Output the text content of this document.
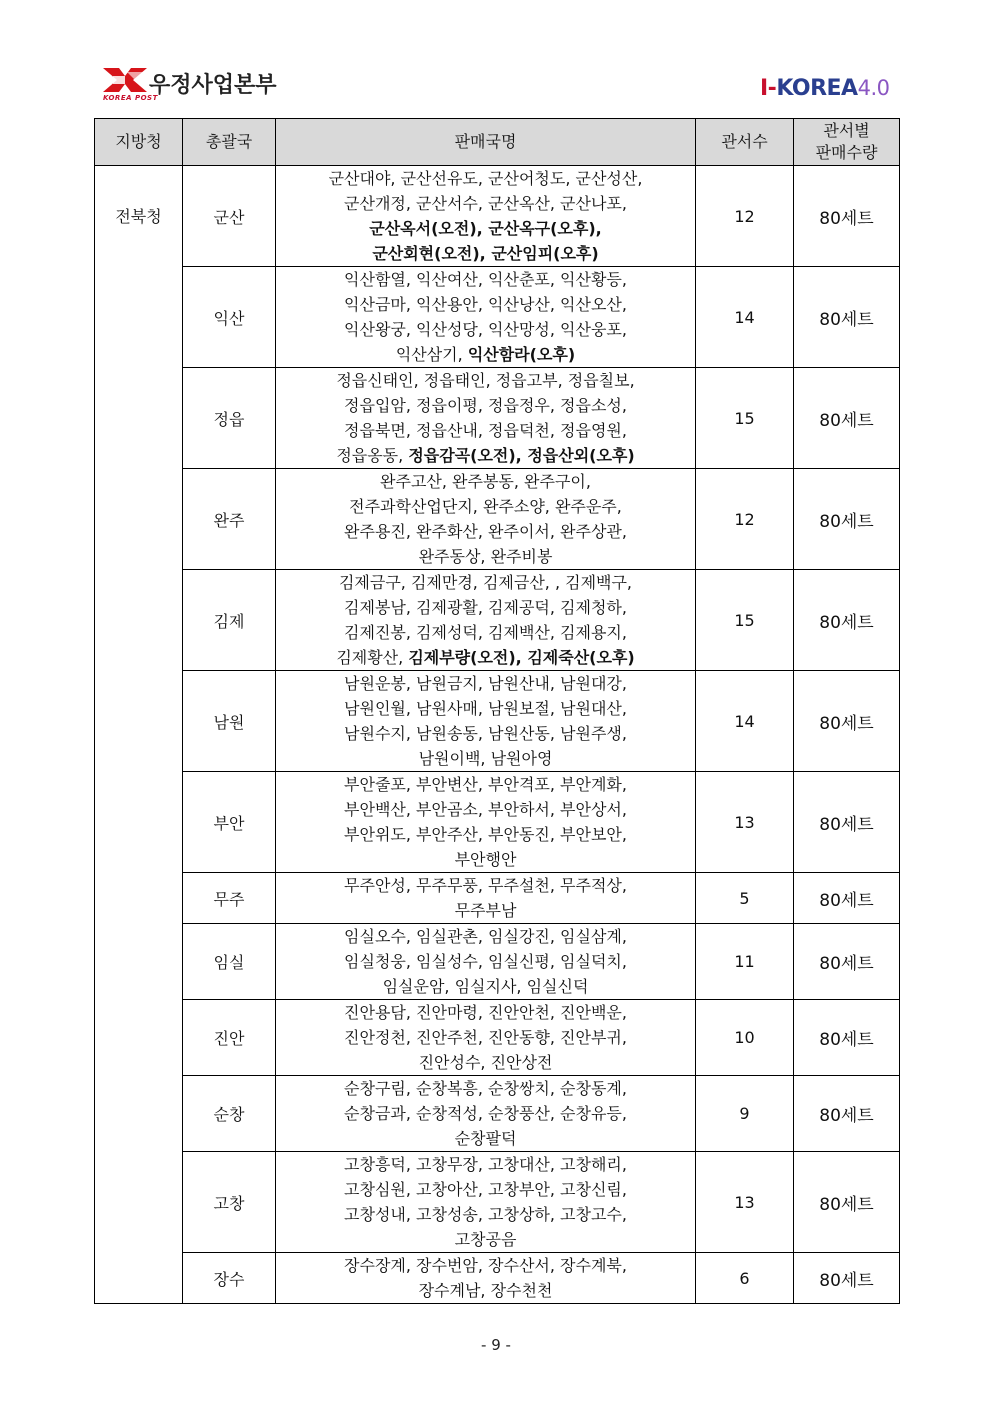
우정사업본부
KOREA POST	I-KOREA4.0
지방청	총괄국	판매국명	관서수	관서별
판매수량
전북청	군산	군산대야, 군산선유도, 군산어청도, 군산성산,
군산개정, 군산서수, 군산옥산, 군산나포,
군산옥서(오전), 군산옥구(오후),
군산회현(오전), 군산임피(오후)	12	80세트
	익산	익산함열, 익산여산, 익산춘포, 익산황등,
익산금마, 익산용안, 익산낭산, 익산오산,
익산왕궁, 익산성당, 익산망성, 익산웅포,
익산삼기, 익산함라(오후)	14	80세트
	정읍	정읍신태인, 정읍태인, 정읍고부, 정읍칠보,
정읍입암, 정읍이평, 정읍정우, 정읍소성,
정읍북면, 정읍산내, 정읍덕천, 정읍영원,
정읍옹동, 정읍감곡(오전), 정읍산외(오후)	15	80세트
	완주	완주고산, 완주봉동, 완주구이,
전주과학산업단지, 완주소양, 완주운주,
완주용진, 완주화산, 완주이서, 완주상관,
완주동상, 완주비봉	12	80세트
	김제	김제금구, 김제만경, 김제금산, , 김제백구,
김제봉남, 김제광활, 김제공덕, 김제청하,
김제진봉, 김제성덕, 김제백산, 김제용지,
김제황산, 김제부량(오전), 김제죽산(오후)	15	80세트
	남원	남원운봉, 남원금지, 남원산내, 남원대강,
남원인월, 남원사매, 남원보절, 남원대산,
남원수지, 남원송동, 남원산동, 남원주생,
남원이백, 남원아영	14	80세트
	부안	부안줄포, 부안변산, 부안격포, 부안계화,
부안백산, 부안곰소, 부안하서, 부안상서,
부안위도, 부안주산, 부안동진, 부안보안,
부안행안	13	80세트
	무주	무주안성, 무주무풍, 무주설천, 무주적상,
무주부남	5	80세트
	임실	임실오수, 임실관촌, 임실강진, 임실삼계,
임실청웅, 임실성수, 임실신평, 임실덕치,
임실운암, 임실지사, 임실신덕	11	80세트
	진안	진안용담, 진안마령, 진안안천, 진안백운,
진안정천, 진안주천, 진안동향, 진안부귀,
진안성수, 진안상전	10	80세트
	순창	순창구림, 순창복흥, 순창쌍치, 순창동계,
순창금과, 순창적성, 순창풍산, 순창유등,
순창팔덕	9	80세트
	고창	고창흥덕, 고창무장, 고창대산, 고창해리,
고창심원, 고창아산, 고창부안, 고창신림,
고창성내, 고창성송, 고창상하, 고창고수,
고창공음	13	80세트
	장수	장수장계, 장수번암, 장수산서, 장수계북,
장수계남, 장수천천	6	80세트
- 9 -
